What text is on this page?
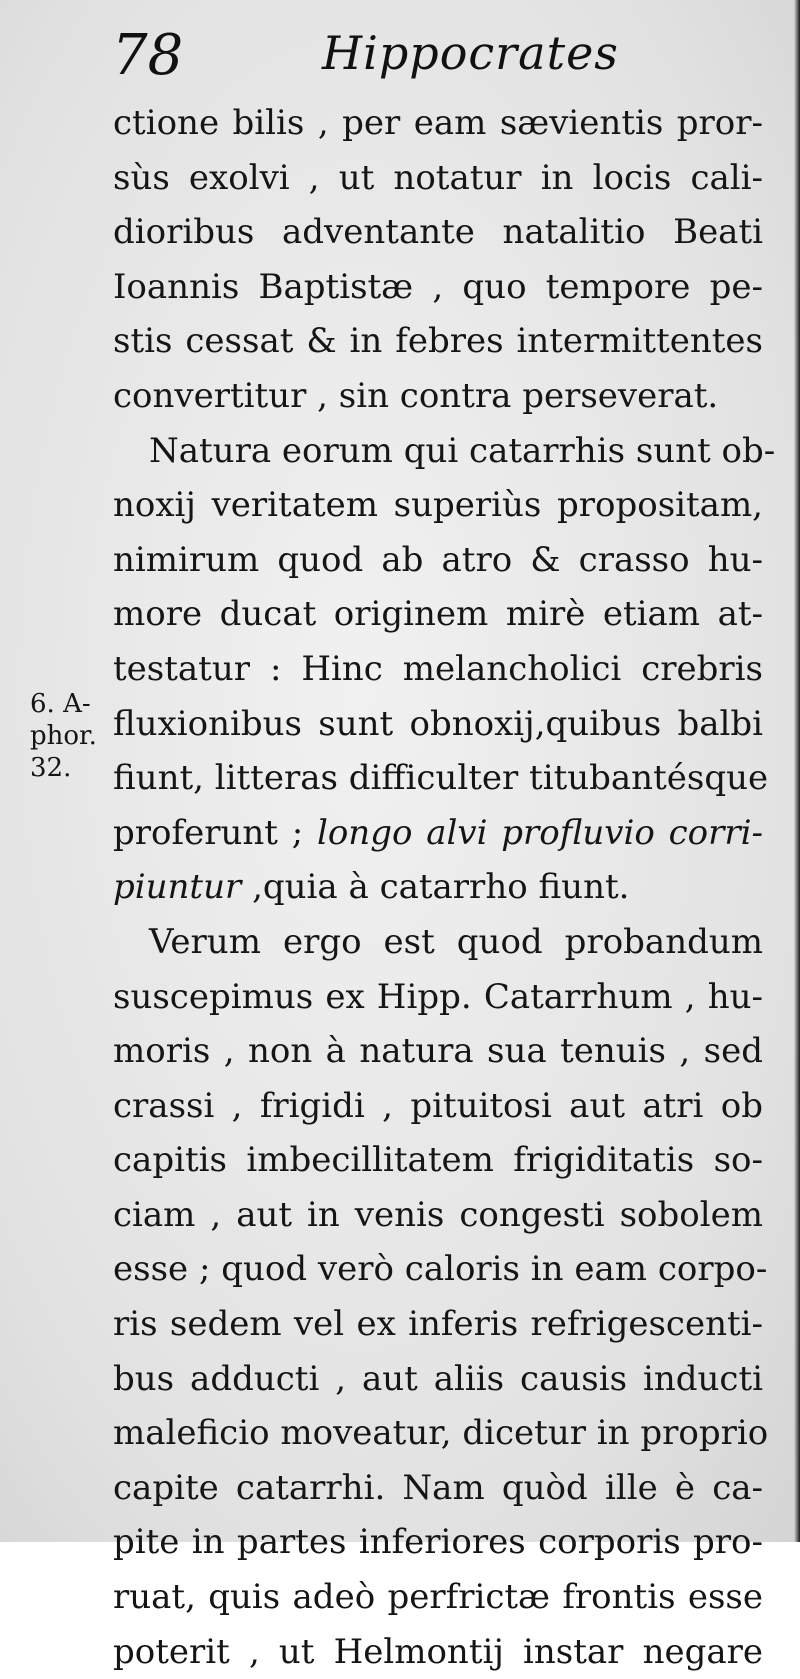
78	Hippocrates
6. A-
phor.
32.
ctione bilis , per eam sævientis pror-
sùs exolvi , ut notatur in locis cali-
dioribus adventante natalitio Beati
Ioannis Baptistæ , quo tempore pe-
stis cessat & in febres intermittentes
convertitur , sin contra perseverat.
Natura eorum qui catarrhis sunt ob-
noxij veritatem superiùs propositam,
nimirum quod ab atro & crasso hu-
more ducat originem mirè etiam at-
testatur : Hinc melancholici crebris
fluxionibus sunt obnoxij,quibus balbi
fiunt, litteras difficulter titubantésque
proferunt ; longo alvi profluvio corri-
piuntur ,quia à catarrho fiunt.
Verum ergo est quod probandum
suscepimus ex Hipp. Catarrhum , hu-
moris , non à natura sua tenuis , sed
crassi , frigidi , pituitosi aut atri ob
capitis imbecillitatem frigiditatis so-
ciam , aut in venis congesti sobolem
esse ; quod verò caloris in eam corpo-
ris sedem vel ex inferis refrigescenti-
bus adducti , aut aliis causis inducti
maleficio moveatur, dicetur in proprio
capite catarrhi. Nam quòd ille è ca-
pite in partes inferiores corporis pro-
ruat, quis adeò perfrictæ frontis esse
poterit , ut Helmontij instar negare
